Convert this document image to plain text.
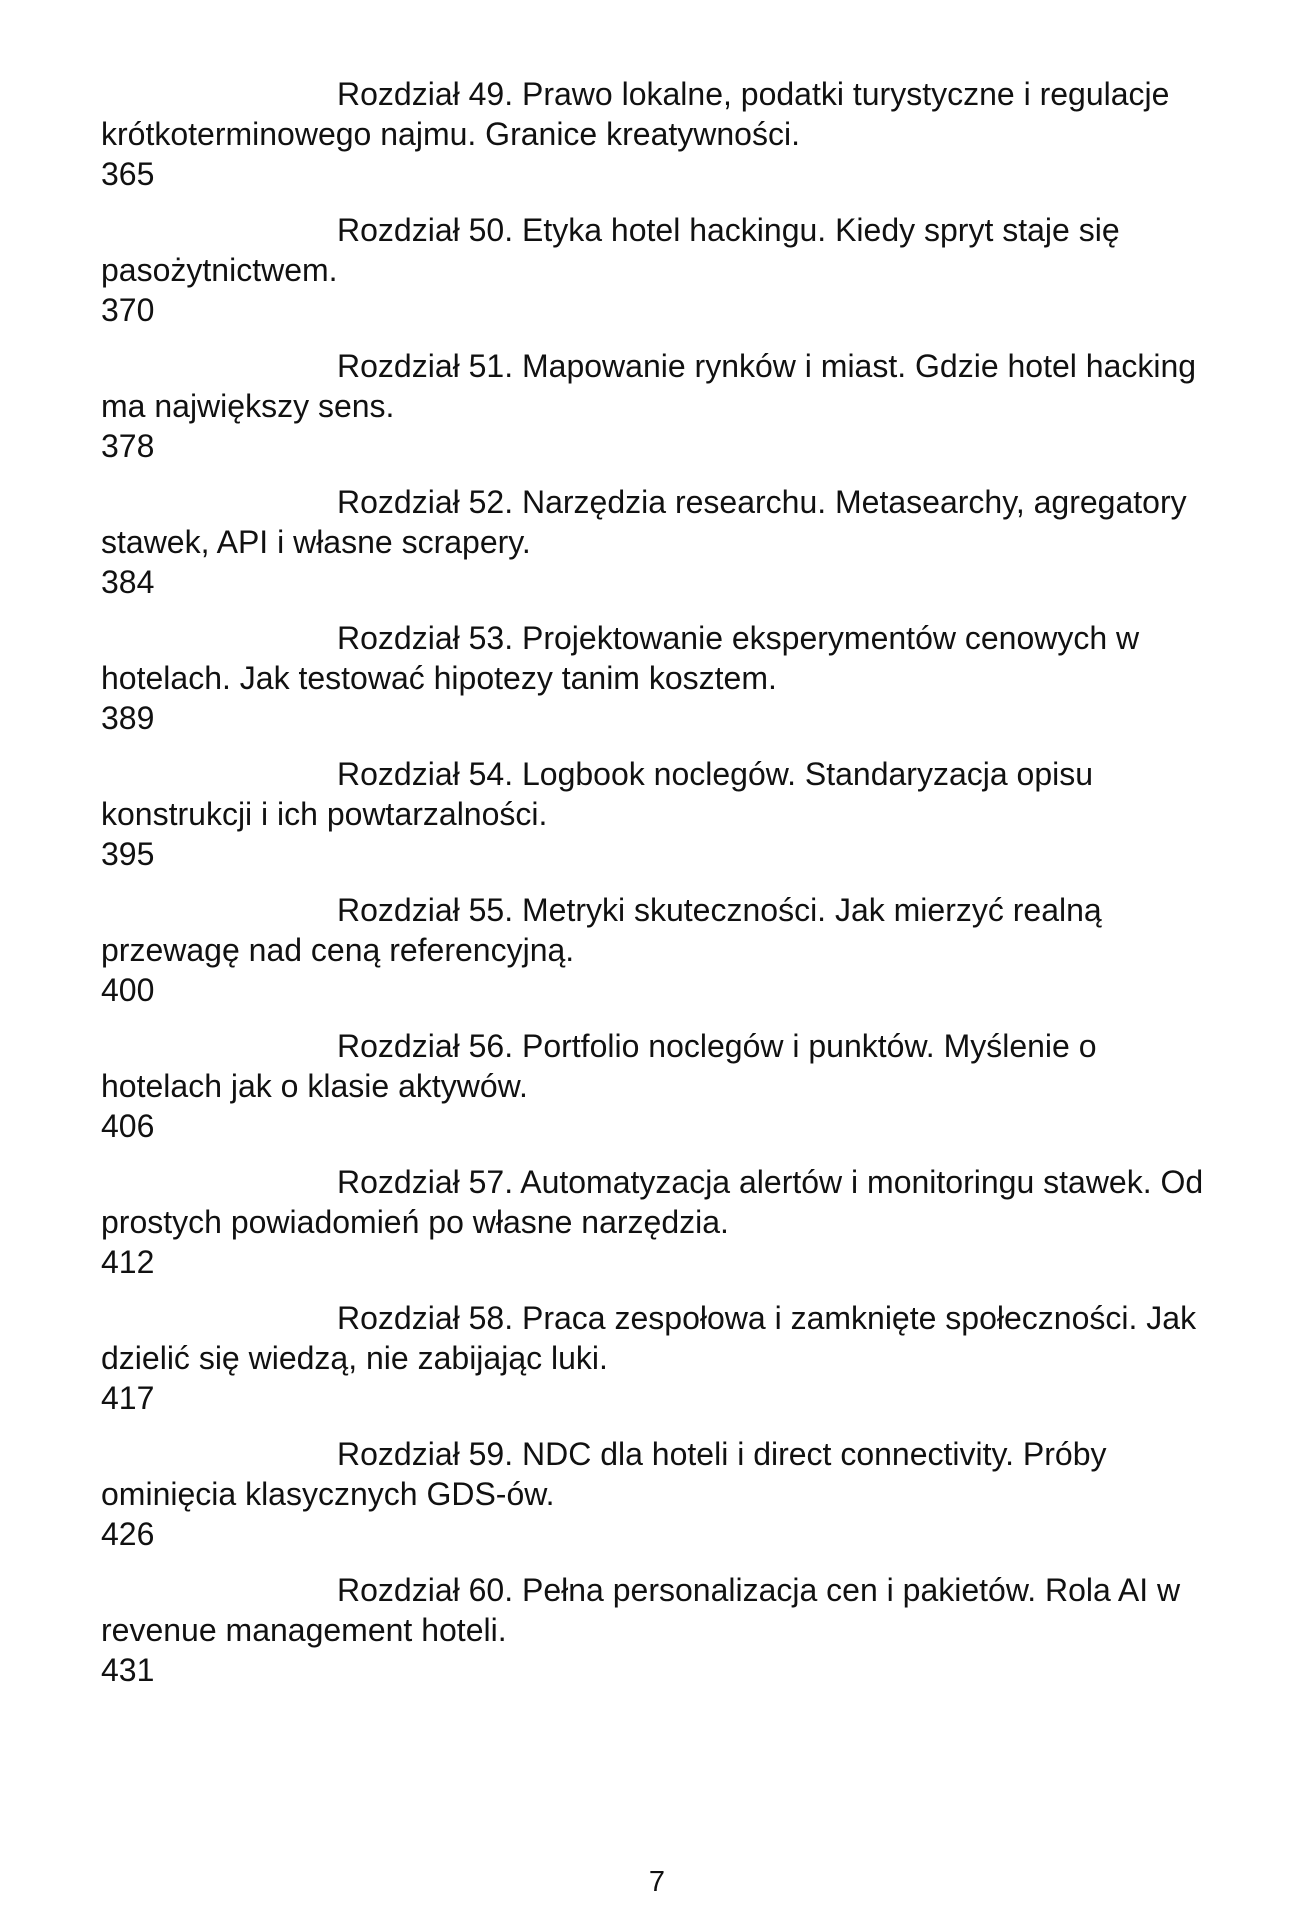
Rozdział 49. Prawo lokalne, podatki turystyczne i regulacje krótkoterminowego najmu. Granice kreatywności.

365

Rozdział 50. Etyka hotel hackingu. Kiedy spryt staje się pasożytnictwem.

370

Rozdział 51. Mapowanie rynków i miast. Gdzie hotel hacking ma największy sens.

378

Rozdział 52. Narzędzia researchu. Metasearchy, agregatory stawek, API i własne scrapery.

384

Rozdział 53. Projektowanie eksperymentów cenowych w hotelach. Jak testować hipotezy tanim kosztem.

389

Rozdział 54. Logbook noclegów. Standaryzacja opisu konstrukcji i ich powtarzalności.

395

Rozdział 55. Metryki skuteczności. Jak mierzyć realną przewagę nad ceną referencyjną.

400

Rozdział 56. Portfolio noclegów i punktów. Myślenie o hotelach jak o klasie aktywów.

406

Rozdział 57. Automatyzacja alertów i monitoringu stawek. Od prostych powiadomień po własne narzędzia.

412

Rozdział 58. Praca zespołowa i zamknięte społeczności. Jak dzielić się wiedzą, nie zabijając luki.

417

Rozdział 59. NDC dla hoteli i direct connectivity. Próby ominięcia klasycznych GDS-ów.

426

Rozdział 60. Pełna personalizacja cen i pakietów. Rola AI w revenue management hoteli.

431

7
